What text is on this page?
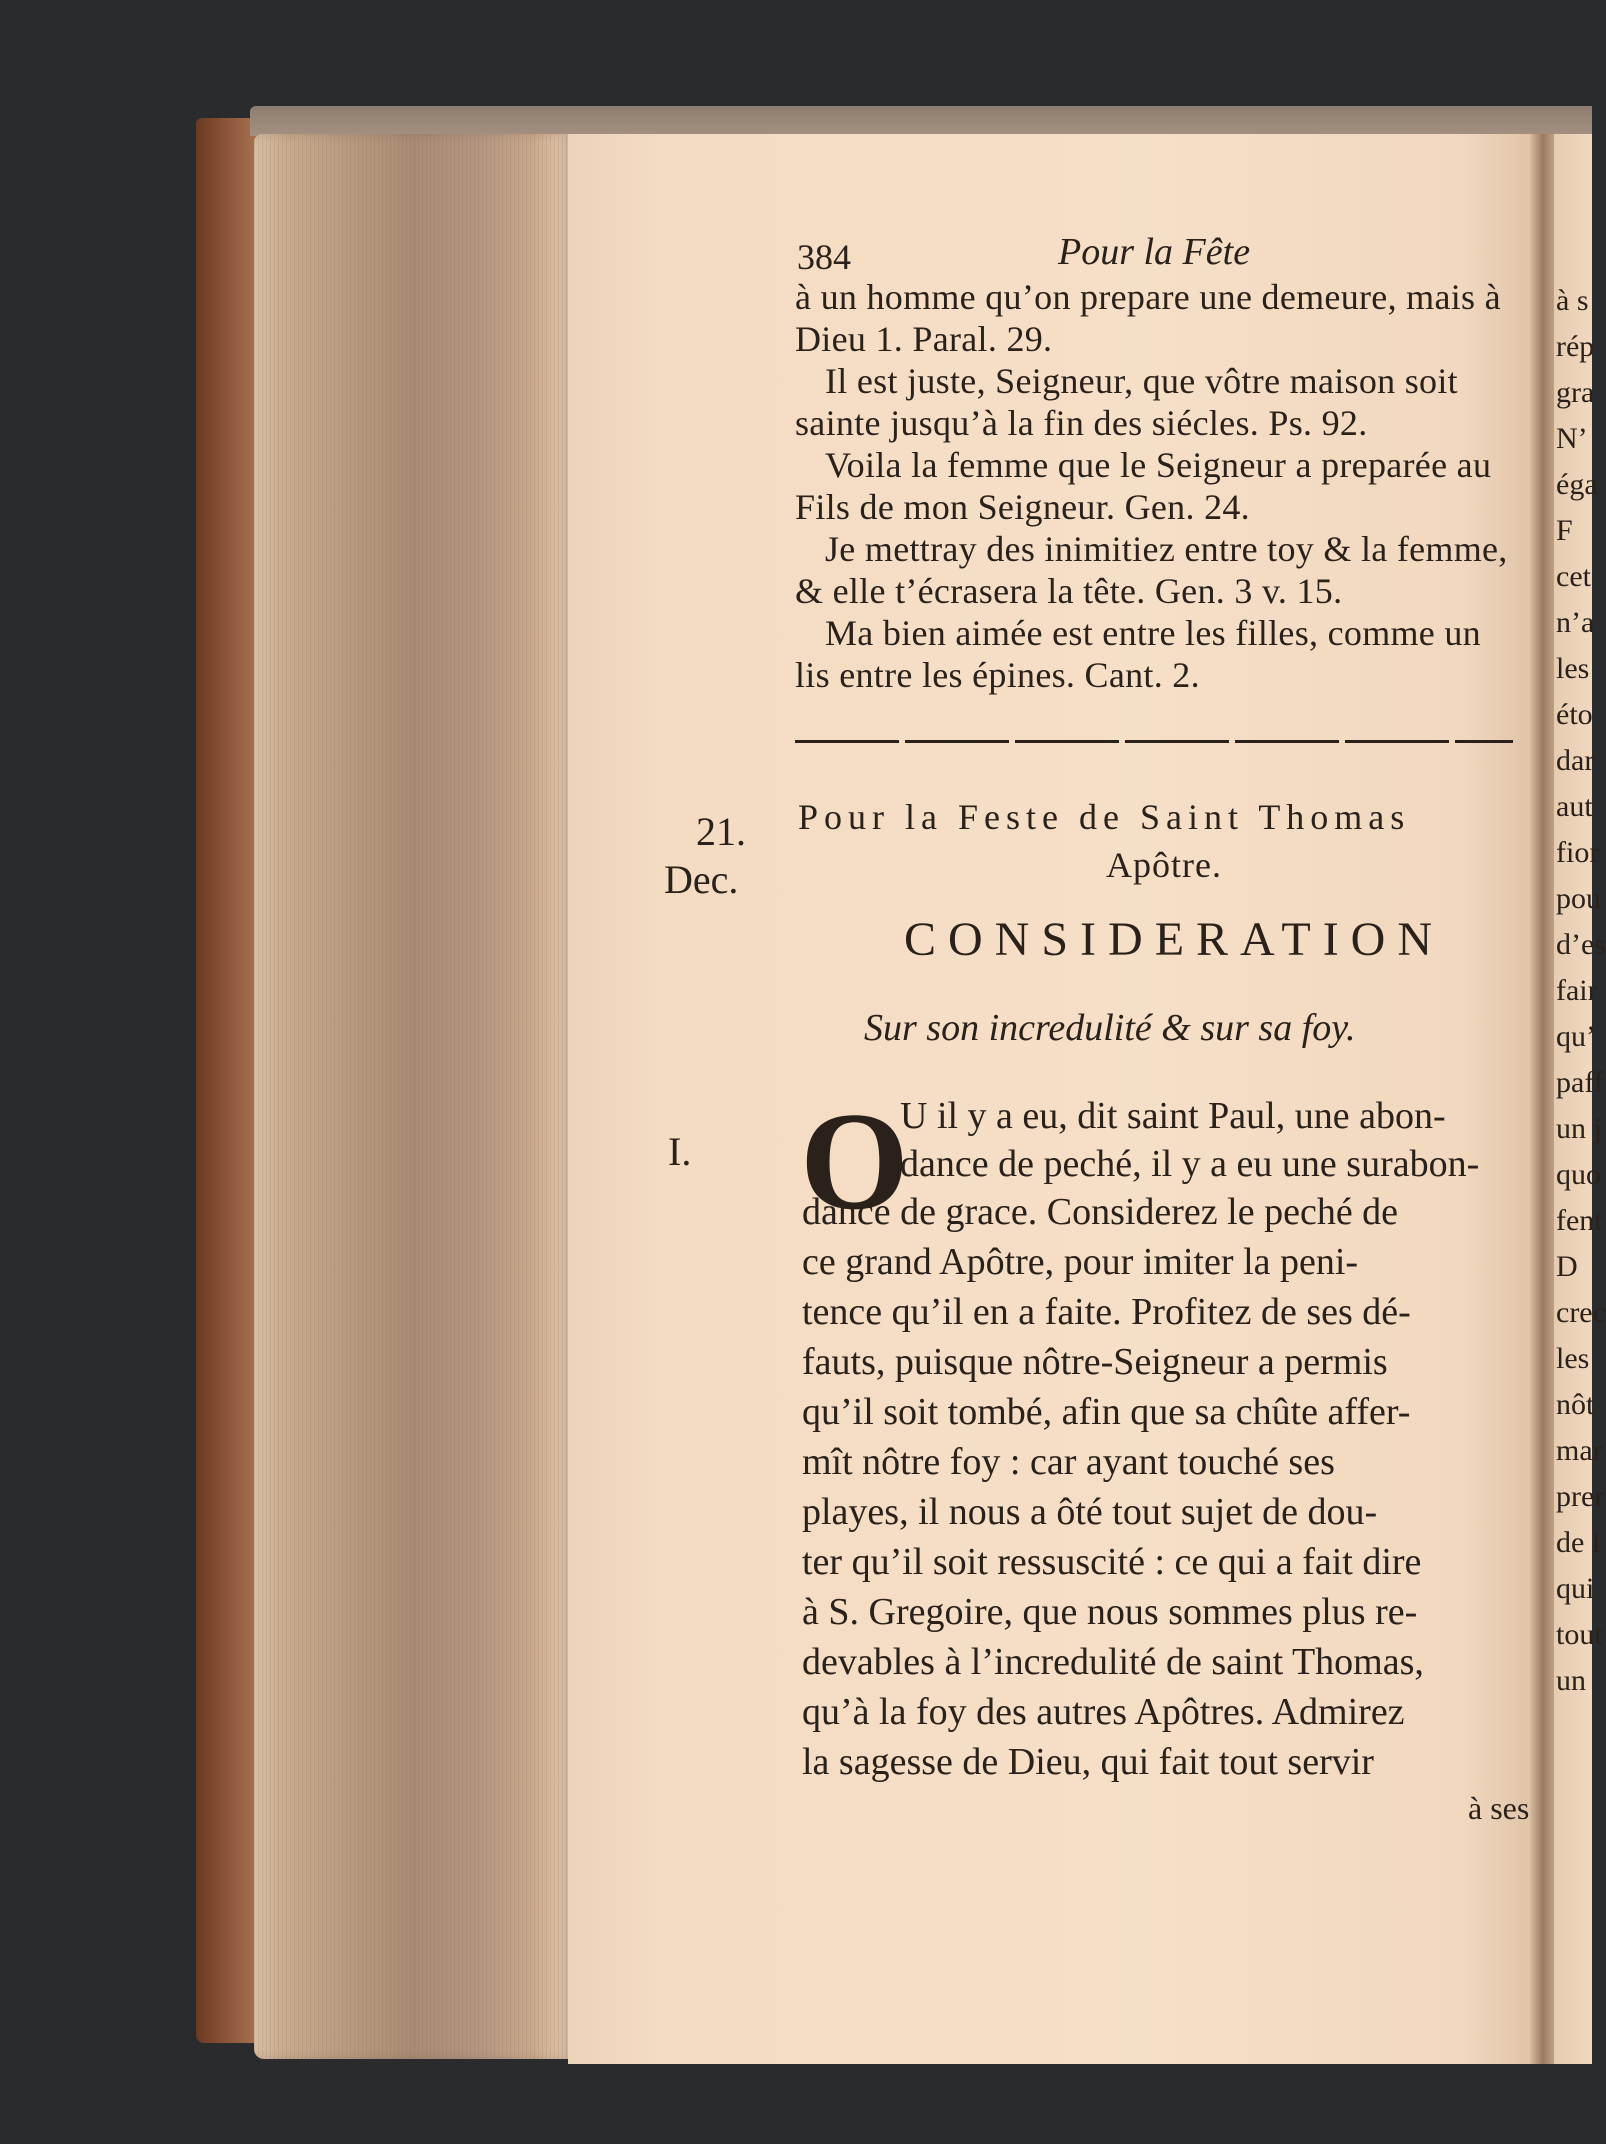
à s
rép
gra
N’
éga
F
cet
n’a
les
éto
dar
aut
fior
pou
d’es
fair
qu’
paff
un j
quo
fent
D
crec
les
nôt
mar
prer
de l
qui
tout
un
384	Pour la Fête
à un homme qu’on prepare une demeure, mais à
Dieu 1. Paral. 29.
Il est juste, Seigneur, que vôtre maison soit
sainte jusqu’à la fin des siécles. Ps. 92.
Voila la femme que le Seigneur a preparée au
Fils de mon Seigneur. Gen. 24.
Je mettray des inimitiez entre toy & la femme,
& elle t’écrasera la tête. Gen. 3 v. 15.
Ma bien aimée est entre les filles, comme un
lis entre les épines. Cant. 2.
21.
Dec.
Pour la Feste de Saint Thomas
Apôtre.
CONSIDERATION
Sur son incredulité & sur sa foy.
I. O
U il y a eu, dit saint Paul, une abon-
dance de peché, il y a eu une surabon-
dance de grace. Considerez le peché de
ce grand Apôtre, pour imiter la peni-
tence qu’il en a faite. Profitez de ses dé-
fauts, puisque nôtre-Seigneur a permis
qu’il soit tombé, afin que sa chûte affer-
mît nôtre foy : car ayant touché ses
playes, il nous a ôté tout sujet de dou-
ter qu’il soit ressuscité : ce qui a fait dire
à S. Gregoire, que nous sommes plus re-
devables à l’incredulité de saint Thomas,
qu’à la foy des autres Apôtres. Admirez
la sagesse de Dieu, qui fait tout servir
à ses
